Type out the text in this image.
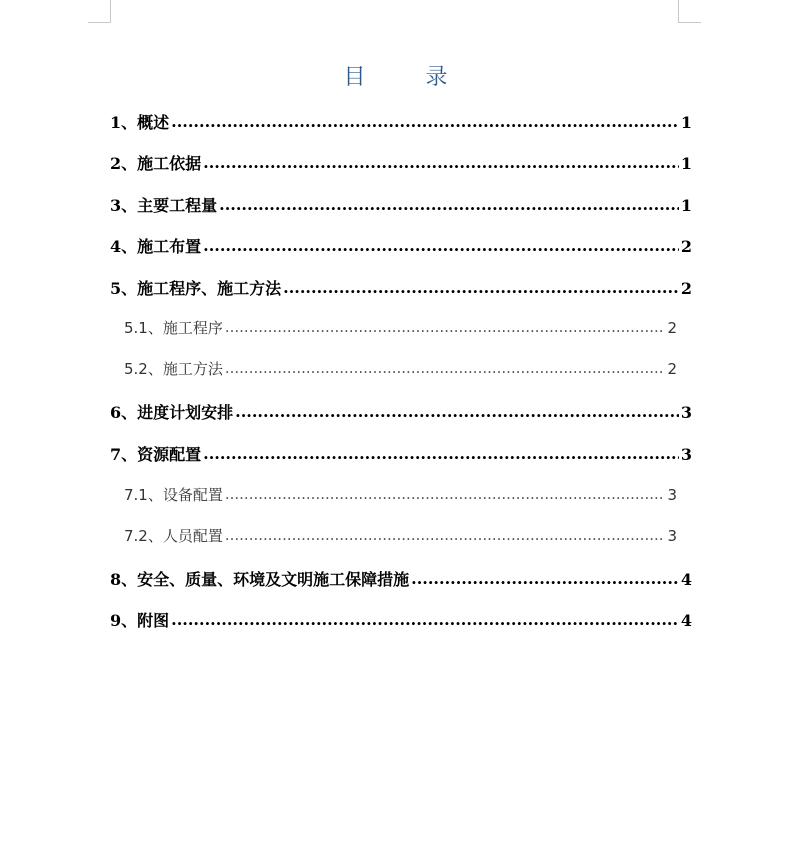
目	录
1、概述 .....	1
2、施工依据 .....	1
3、主要工程量 .....	1
4、施工布置 .....	2
5、施工程序、施工方法 .....	2
5.1、施工程序 .....	2
5.2、施工方法 .....	2
6、进度计划安排 .....	3
7、资源配置 .....	3
7.1、设备配置 .....	3
7.2、人员配置 .....	3
8、安全、质量、环境及文明施工保障措施 .....	4
9、附图 .....	4
